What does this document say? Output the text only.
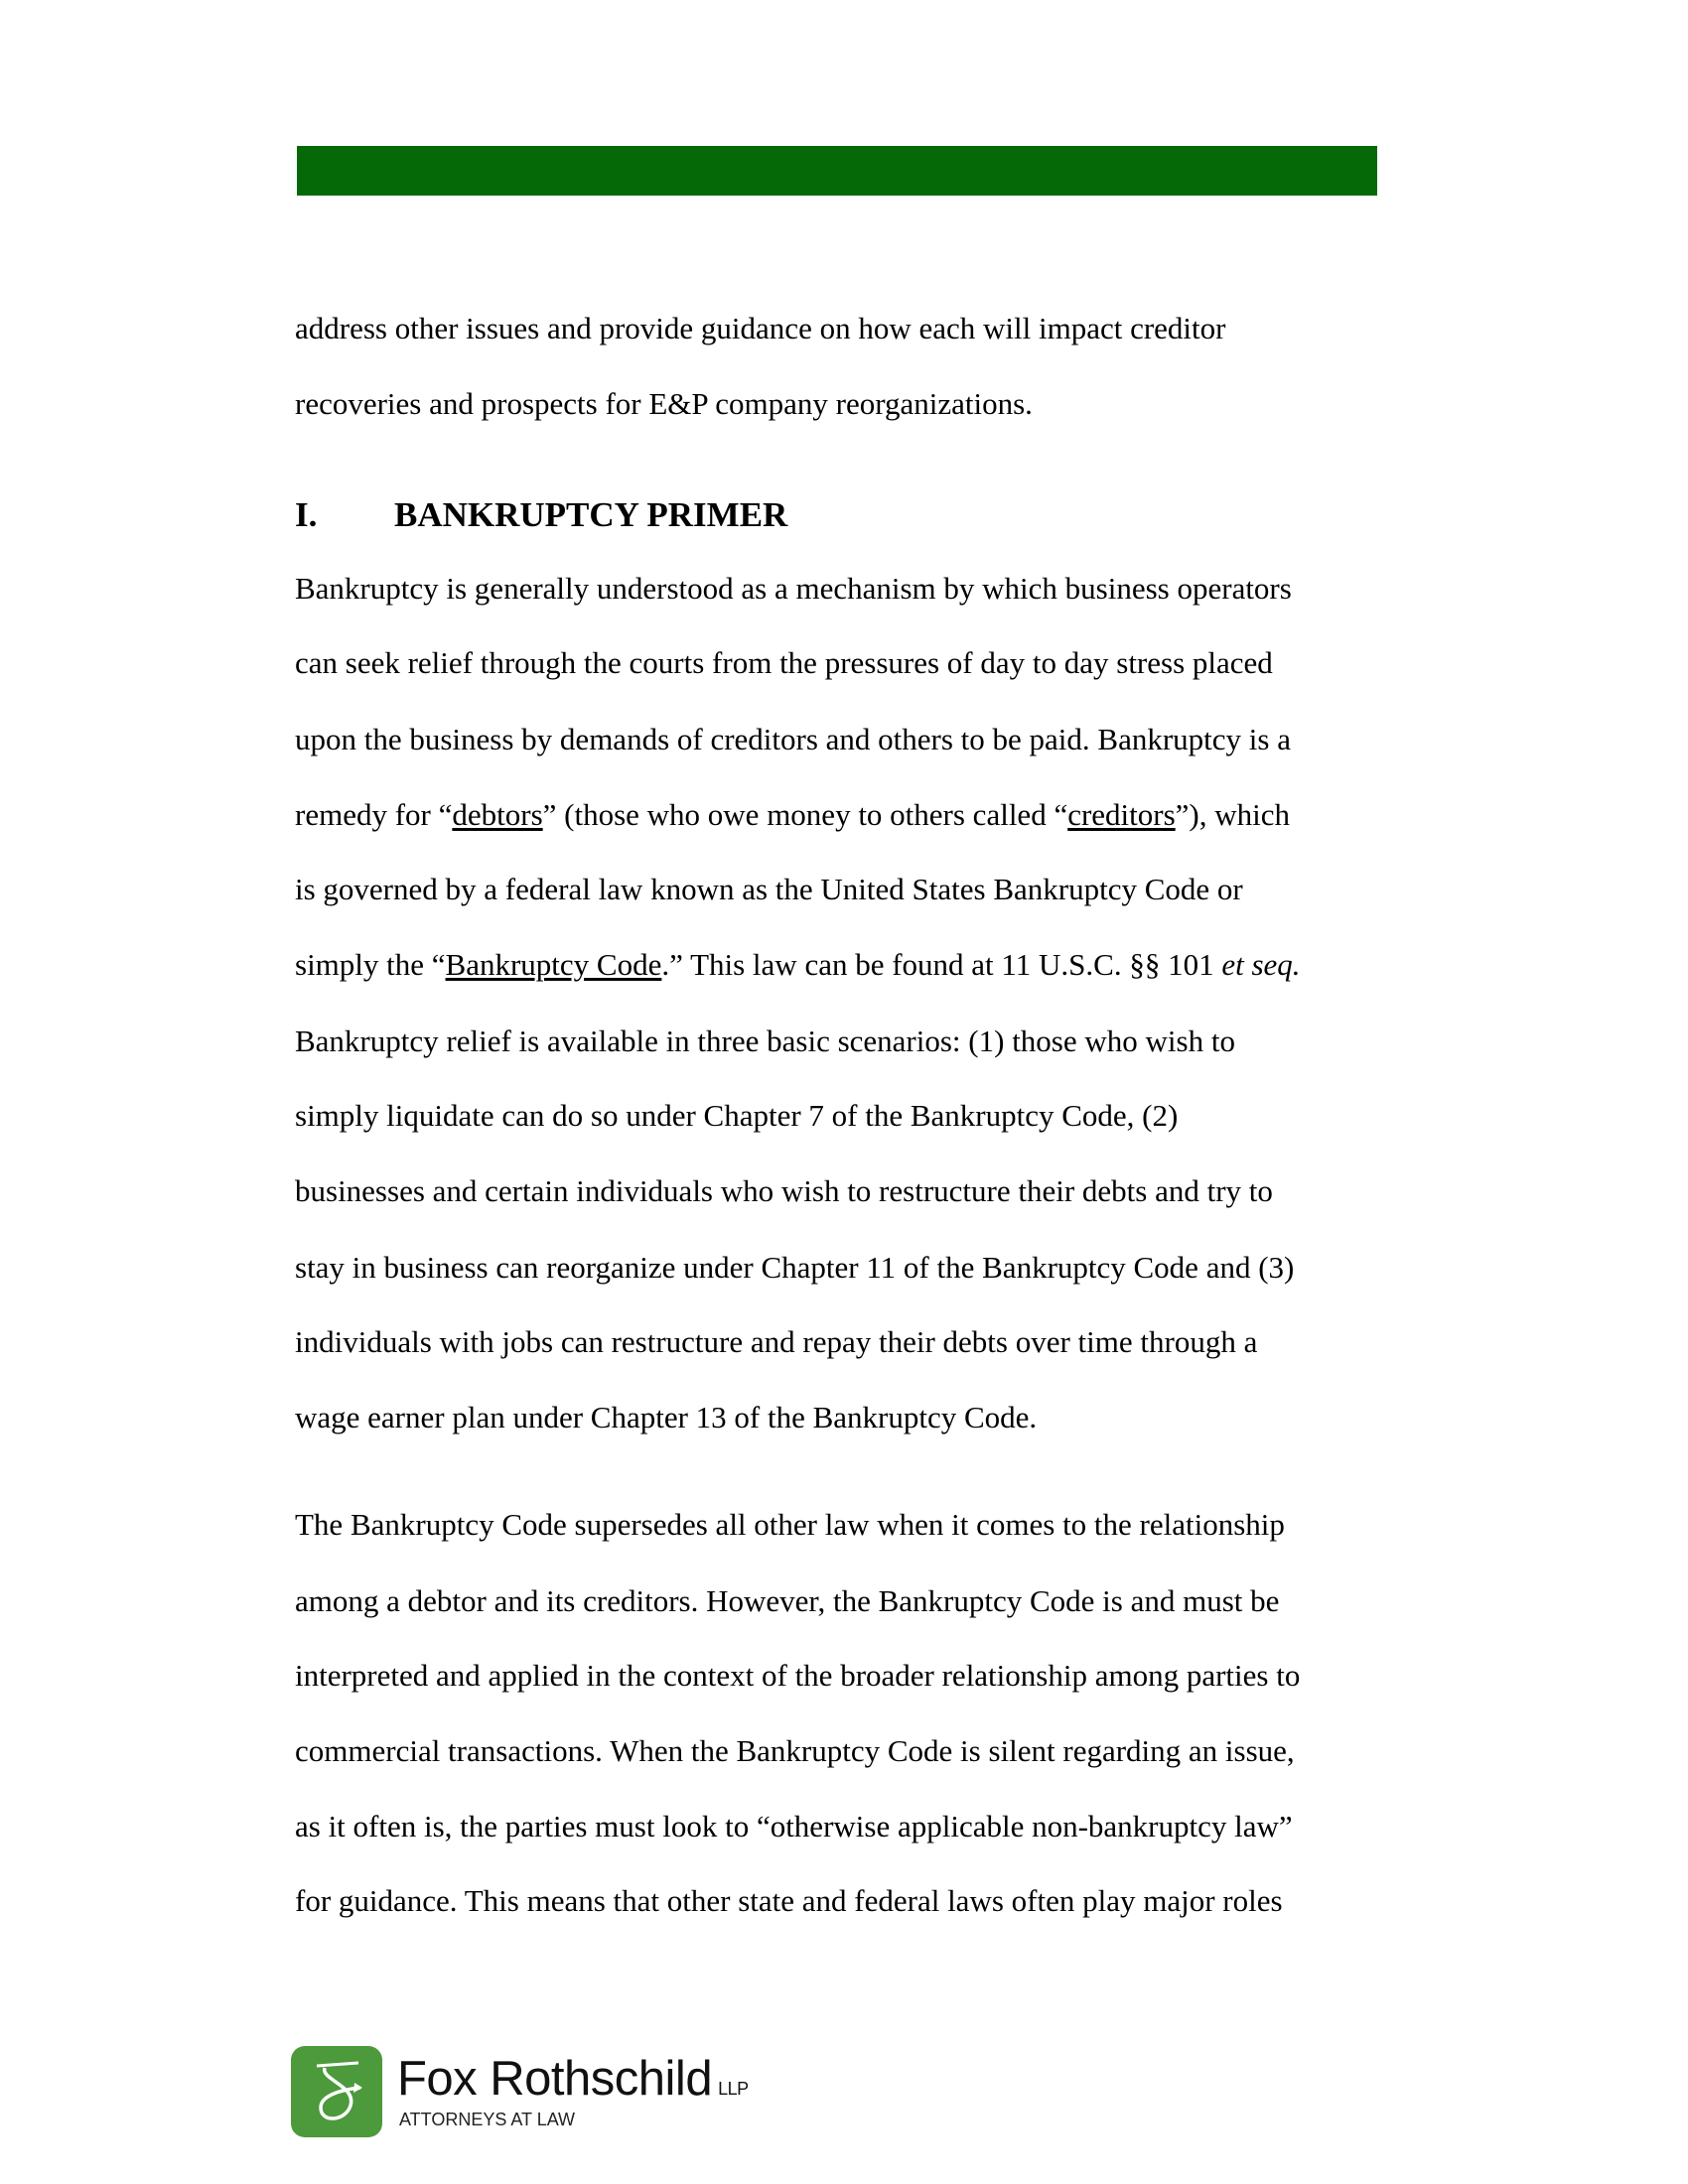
address other issues and provide guidance on how each will impact creditor
recoveries and prospects for E&P company reorganizations.
I. BANKRUPTCY PRIMER
Bankruptcy is generally understood as a mechanism by which business operators
can seek relief through the courts from the pressures of day to day stress placed
upon the business by demands of creditors and others to be paid. Bankruptcy is a
remedy for “debtors” (those who owe money to others called “creditors”), which
is governed by a federal law known as the United States Bankruptcy Code or
simply the “Bankruptcy Code.” This law can be found at 11 U.S.C. §§ 101 et seq.
Bankruptcy relief is available in three basic scenarios: (1) those who wish to
simply liquidate can do so under Chapter 7 of the Bankruptcy Code, (2)
businesses and certain individuals who wish to restructure their debts and try to
stay in business can reorganize under Chapter 11 of the Bankruptcy Code and (3)
individuals with jobs can restructure and repay their debts over time through a
wage earner plan under Chapter 13 of the Bankruptcy Code.
The Bankruptcy Code supersedes all other law when it comes to the relationship
among a debtor and its creditors. However, the Bankruptcy Code is and must be
interpreted and applied in the context of the broader relationship among parties to
commercial transactions. When the Bankruptcy Code is silent regarding an issue,
as it often is, the parties must look to “otherwise applicable non-bankruptcy law”
for guidance. This means that other state and federal laws often play major roles
Fox Rothschild LLP
ATTORNEYS AT LAW
